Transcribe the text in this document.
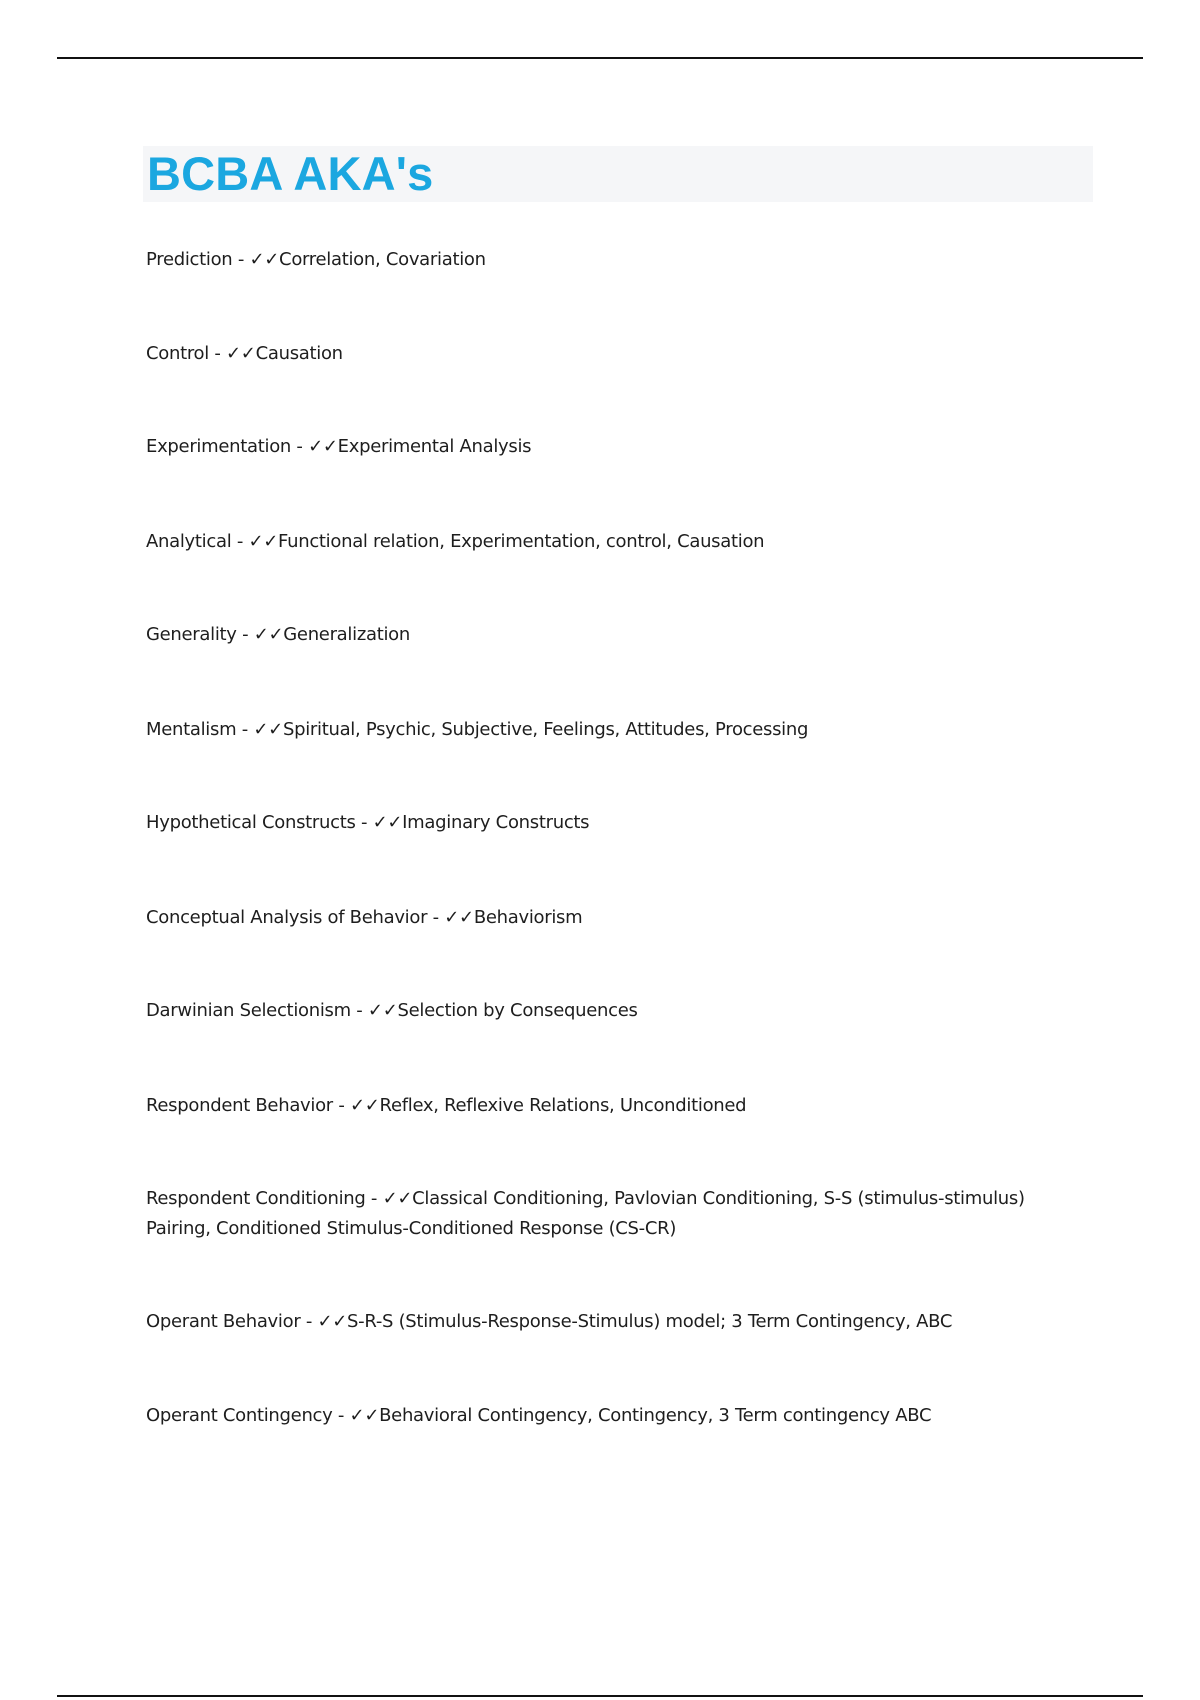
BCBA AKA's
Prediction - ✓✓Correlation, Covariation
Control - ✓✓Causation
Experimentation - ✓✓Experimental Analysis
Analytical - ✓✓Functional relation, Experimentation, control, Causation
Generality - ✓✓Generalization
Mentalism - ✓✓Spiritual, Psychic, Subjective, Feelings, Attitudes, Processing
Hypothetical Constructs - ✓✓Imaginary Constructs
Conceptual Analysis of Behavior - ✓✓Behaviorism
Darwinian Selectionism - ✓✓Selection by Consequences
Respondent Behavior - ✓✓Reflex, Reflexive Relations, Unconditioned
Respondent Conditioning - ✓✓Classical Conditioning, Pavlovian Conditioning, S-S (stimulus-stimulus) Pairing, Conditioned Stimulus-Conditioned Response (CS-CR)
Operant Behavior - ✓✓S-R-S (Stimulus-Response-Stimulus) model; 3 Term Contingency, ABC
Operant Contingency - ✓✓Behavioral Contingency, Contingency, 3 Term contingency ABC
